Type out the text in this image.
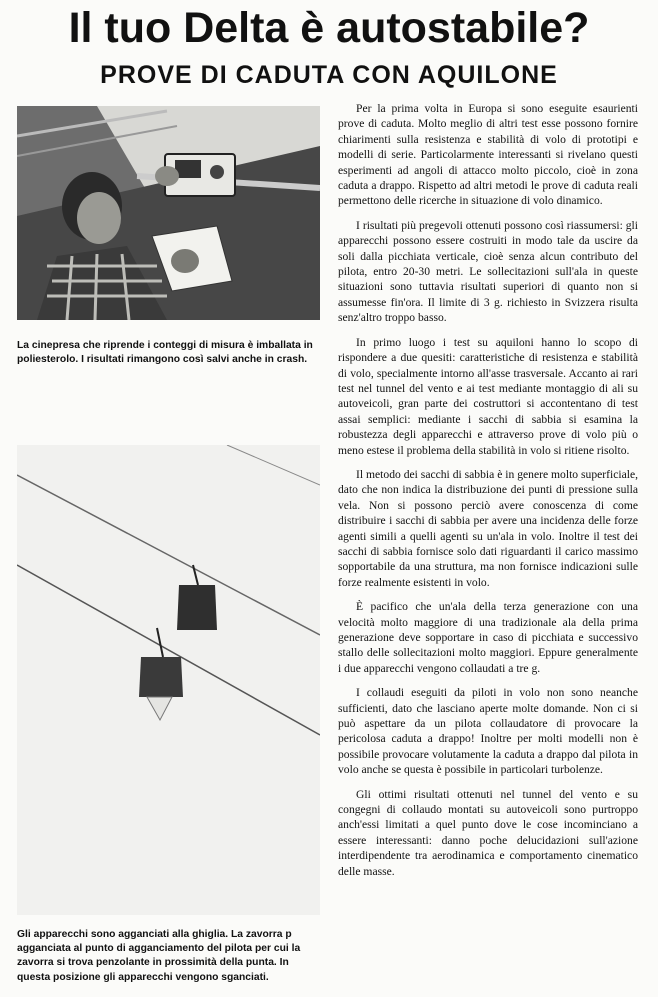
Il tuo Delta è autostabile?
PROVE DI CADUTA CON AQUILONE

La cinepresa che riprende i conteggi di misura è imballata in poliesterolo. I risultati rimangono così salvi anche in crash.

Gli apparecchi sono agganciati alla ghiglia. La zavorra p agganciata al punto di agganciamento del pilota per cui la zavorra si trova penzolante in prossimità della punta. In questa posizione gli apparecchi vengono sganciati.

Per la prima volta in Europa si sono eseguite esaurienti prove di caduta. Molto meglio di altri test esse possono fornire chiarimenti sulla resistenza e stabilità di volo di prototipi e modelli di serie. Particolarmente interessanti si rivelano questi esperimenti ad angoli di attacco molto piccolo, cioè in zona caduta a drappo. Rispetto ad altri metodi le prove di caduta reali permettono delle ricerche in situazione di volo dinamico.

I risultati più pregevoli ottenuti possono così riassumersi: gli apparecchi possono essere costruiti in modo tale da uscire da soli dalla picchiata verticale, cioè senza alcun contributo del pilota, entro 20-30 metri. Le sollecitazioni sull'ala in queste situazioni sono tuttavia risultati superiori di quanto non si assumesse fin'ora. Il limite di 3 g. richiesto in Svizzera risulta senz'altro troppo basso.

In primo luogo i test su aquiloni hanno lo scopo di rispondere a due quesiti: caratteristiche di resistenza e stabilità di volo, specialmente intorno all'asse trasversale. Accanto ai rari test nel tunnel del vento e ai test mediante montaggio di ali su autoveicoli, gran parte dei costruttori si accontentano di test assai semplici: mediante i sacchi di sabbia si esamina la robustezza degli apparecchi e attraverso prove di volo più o meno estese il problema della stabilità in volo si ritiene risolto.

Il metodo dei sacchi di sabbia è in genere molto superficiale, dato che non indica la distribuzione dei punti di pressione sulla vela. Non si possono perciò avere conoscenza di come distribuire i sacchi di sabbia per avere una incidenza delle forze agenti simili a quelli agenti su un'ala in volo. Inoltre il test dei sacchi di sabbia fornisce solo dati riguardanti il carico massimo sopportabile da una struttura, ma non fornisce indicazioni sulle forze realmente esistenti in volo.

È pacifico che un'ala della terza generazione con una velocità molto maggiore di una tradizionale ala della prima generazione deve sopportare in caso di picchiata e successivo stallo delle sollecitazioni molto maggiori. Eppure generalmente i due apparecchi vengono collaudati a tre g.

I collaudi eseguiti da piloti in volo non sono neanche sufficienti, dato che lasciano aperte molte domande. Non ci si può aspettare da un pilota collaudatore di provocare la pericolosa caduta a drappo! Inoltre per molti modelli non è possibile provocare volutamente la caduta a drappo dal pilota in volo anche se questa è possibile in particolari turbolenze.

Gli ottimi risultati ottenuti nel tunnel del vento e su congegni di collaudo montati su autoveicoli sono purtroppo anch'essi limitati a quel punto dove le cose incominciano a essere interessanti: danno poche delucidazioni sull'azione interdipendente tra aerodinamica e comportamento cinematico delle masse.
